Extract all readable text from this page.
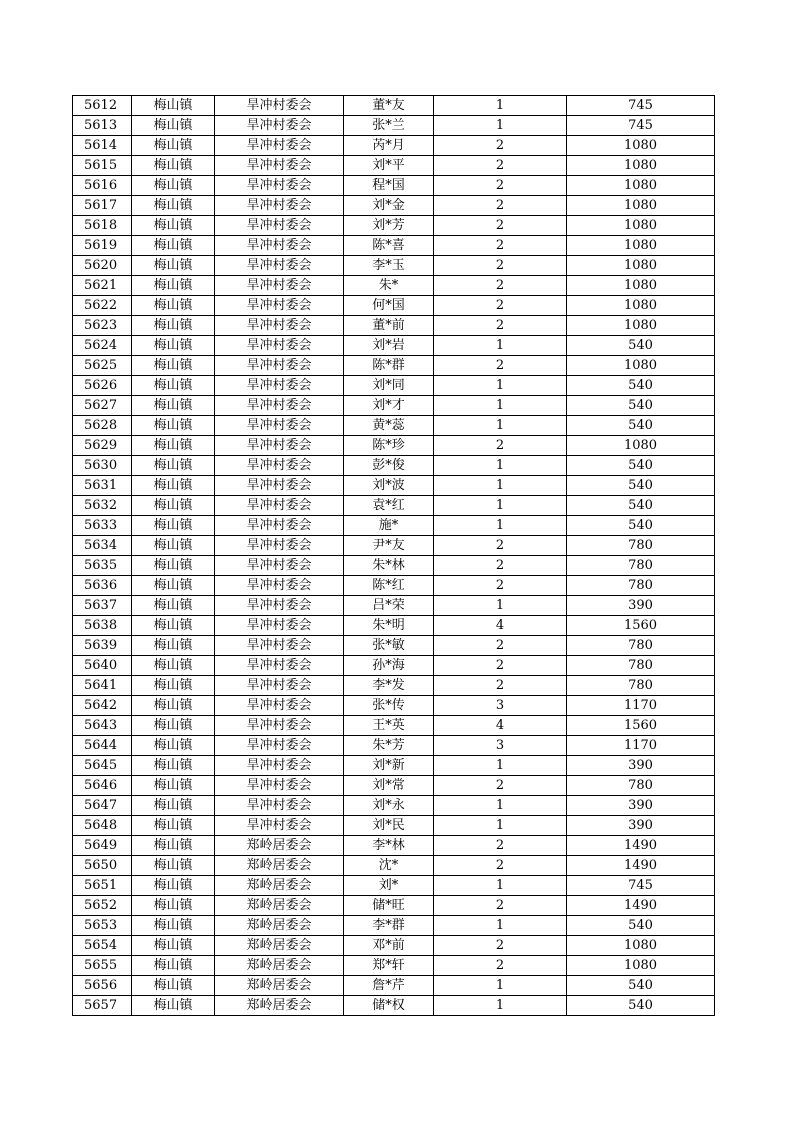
5612	梅山镇	旱冲村委会	董*友	1	745
5613	梅山镇	旱冲村委会	张*兰	1	745
5614	梅山镇	旱冲村委会	芮*月	2	1080
5615	梅山镇	旱冲村委会	刘*平	2	1080
5616	梅山镇	旱冲村委会	程*国	2	1080
5617	梅山镇	旱冲村委会	刘*金	2	1080
5618	梅山镇	旱冲村委会	刘*芳	2	1080
5619	梅山镇	旱冲村委会	陈*喜	2	1080
5620	梅山镇	旱冲村委会	李*玉	2	1080
5621	梅山镇	旱冲村委会	朱*	2	1080
5622	梅山镇	旱冲村委会	何*国	2	1080
5623	梅山镇	旱冲村委会	董*前	2	1080
5624	梅山镇	旱冲村委会	刘*岩	1	540
5625	梅山镇	旱冲村委会	陈*群	2	1080
5626	梅山镇	旱冲村委会	刘*同	1	540
5627	梅山镇	旱冲村委会	刘*才	1	540
5628	梅山镇	旱冲村委会	黄*蕊	1	540
5629	梅山镇	旱冲村委会	陈*珍	2	1080
5630	梅山镇	旱冲村委会	彭*俊	1	540
5631	梅山镇	旱冲村委会	刘*波	1	540
5632	梅山镇	旱冲村委会	袁*红	1	540
5633	梅山镇	旱冲村委会	施*	1	540
5634	梅山镇	旱冲村委会	尹*友	2	780
5635	梅山镇	旱冲村委会	朱*林	2	780
5636	梅山镇	旱冲村委会	陈*红	2	780
5637	梅山镇	旱冲村委会	吕*荣	1	390
5638	梅山镇	旱冲村委会	朱*明	4	1560
5639	梅山镇	旱冲村委会	张*敏	2	780
5640	梅山镇	旱冲村委会	孙*海	2	780
5641	梅山镇	旱冲村委会	李*发	2	780
5642	梅山镇	旱冲村委会	张*传	3	1170
5643	梅山镇	旱冲村委会	王*英	4	1560
5644	梅山镇	旱冲村委会	朱*芳	3	1170
5645	梅山镇	旱冲村委会	刘*新	1	390
5646	梅山镇	旱冲村委会	刘*常	2	780
5647	梅山镇	旱冲村委会	刘*永	1	390
5648	梅山镇	旱冲村委会	刘*民	1	390
5649	梅山镇	郑岭居委会	李*林	2	1490
5650	梅山镇	郑岭居委会	沈*	2	1490
5651	梅山镇	郑岭居委会	刘*	1	745
5652	梅山镇	郑岭居委会	储*旺	2	1490
5653	梅山镇	郑岭居委会	李*群	1	540
5654	梅山镇	郑岭居委会	邓*前	2	1080
5655	梅山镇	郑岭居委会	郑*轩	2	1080
5656	梅山镇	郑岭居委会	詹*芹	1	540
5657	梅山镇	郑岭居委会	储*权	1	540
